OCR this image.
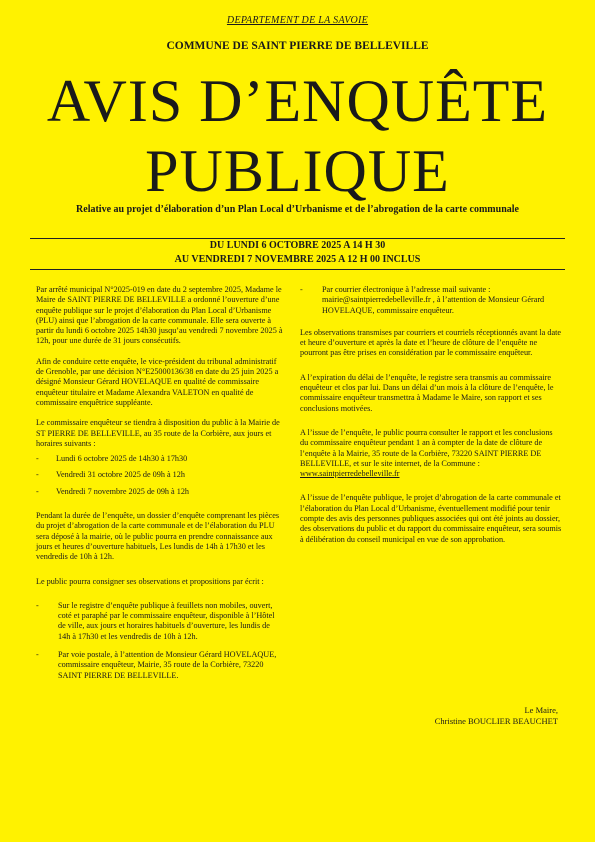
DEPARTEMENT DE LA SAVOIE
COMMUNE DE SAINT PIERRE DE BELLEVILLE
AVIS D’ENQUÊTE
PUBLIQUE
Relative au projet d’élaboration d’un Plan Local d’Urbanisme et de l’abrogation de la carte communale
DU LUNDI 6 OCTOBRE 2025 A 14 H 30
AU VENDREDI 7 NOVEMBRE 2025 A 12 H 00 INCLUS

Par arrêté municipal N°2025-019 en date du 2 septembre 2025, Madame le Maire de SAINT PIERRE DE BELLEVILLE a ordonné l’ouverture d’une enquête publique sur le projet d’élaboration du Plan Local d’Urbanisme (PLU) ainsi que l’abrogation de la carte communale. Elle sera ouverte à partir du lundi 6 octobre 2025 14h30 jusqu’au vendredi 7 novembre 2025 à 12h, pour une durée de 31 jours consécutifs.

Afin de conduire cette enquête, le vice-président du tribunal administratif de Grenoble, par une décision N°E25000136/38 en date du 25 juin 2025 a désigné Monsieur Gérard HOVELAQUE en qualité de commissaire enquêteur titulaire et Madame Alexandra VALETON en qualité de commissaire enquêtrice suppléante.

Le commissaire enquêteur se tiendra à disposition du public à la Mairie de ST PIERRE DE BELLEVILLE, au 35 route de la Corbière, aux jours et horaires suivants :

-	Lundi 6 octobre 2025 de 14h30 à 17h30
-	Vendredi 31 octobre 2025 de 09h à 12h
-	Vendredi 7 novembre 2025 de 09h à 12h

Pendant la durée de l’enquête, un dossier d’enquête comprenant les pièces du projet d’abrogation de la carte communale et de l’élaboration du PLU sera déposé à la mairie, où le public pourra en prendre connaissance aux jours et heures d’ouverture habituels, Les lundis de 14h à 17h30 et les vendredis de 10h à 12h.

Le public pourra consigner ses observations et propositions par écrit :

-	Sur le registre d’enquête publique à feuillets non mobiles, ouvert, coté et paraphé par le commissaire enquêteur, disponible à l’Hôtel de ville, aux jours et horaires habituels d’ouverture, les lundis de 14h à 17h30 et les vendredis de 10h à 12h.
-	Par voie postale, à l’attention de Monsieur Gérard HOVELAQUE, commissaire enquêteur, Mairie, 35 route de la Corbière, 73220 SAINT PIERRE DE BELLEVILLE.
-	Par courrier électronique à l’adresse mail suivante : mairie@saintpierredebelleville.fr , à l’attention de Monsieur Gérard HOVELAQUE, commissaire enquêteur.

Les observations transmises par courriers et courriels réceptionnés avant la date et heure d’ouverture et après la date et l’heure de clôture de l’enquête ne pourront pas être prises en considération par le commissaire enquêteur.

A l’expiration du délai de l’enquête, le registre sera transmis au commissaire enquêteur et clos par lui. Dans un délai d’un mois à la clôture de l’enquête, le commissaire enquêteur transmettra à Madame le Maire, son rapport et ses conclusions motivées.

A l’issue de l’enquête, le public pourra consulter le rapport et les conclusions du commissaire enquêteur pendant 1 an à compter de la date de clôture de l’enquête à la Mairie, 35 route de la Corbière, 73220 SAINT PIERRE DE BELLEVILLE, et sur le site internet, de la Commune :

www.saintpierredebelleville.fr

A l’issue de l’enquête publique, le projet d’abrogation de la carte communale et l’élaboration du Plan Local d’Urbanisme, éventuellement modifié pour tenir compte des avis des personnes publiques associées qui ont été joints au dossier, des observations du public et du rapport du commissaire enquêteur, sera soumis à délibération du conseil municipal en vue de son approbation.

Le Maire,
Christine BOUCLIER BEAUCHET
